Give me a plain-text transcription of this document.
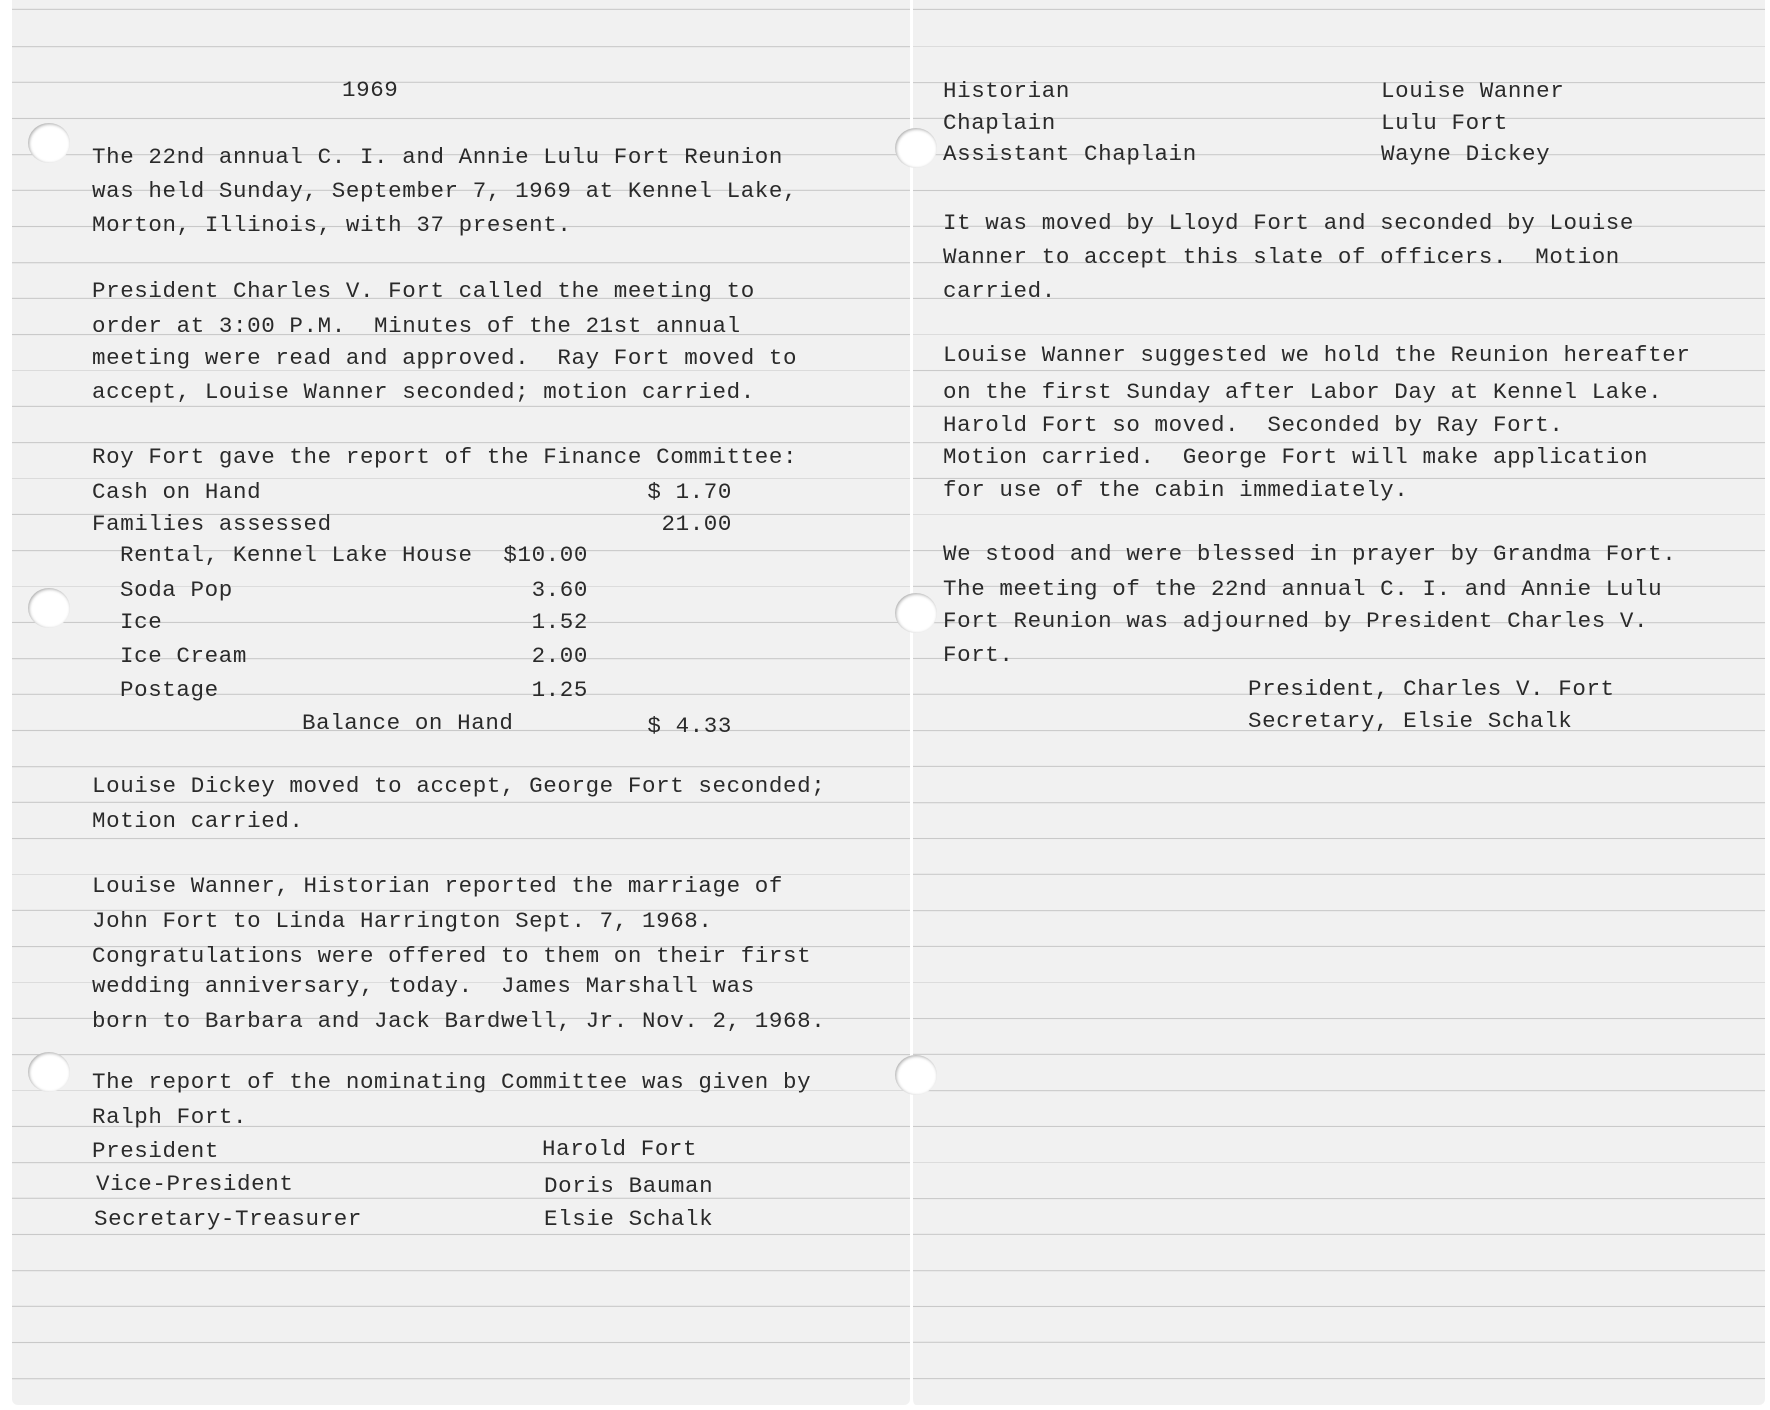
1969
The 22nd annual C. I. and Annie Lulu Fort Reunion
was held Sunday, September 7, 1969 at Kennel Lake,
Morton, Illinois, with 37 present.
President Charles V. Fort called the meeting to
order at 3:00 P.M.  Minutes of the 21st annual
meeting were read and approved.  Ray Fort moved to
accept, Louise Wanner seconded; motion carried.
Roy Fort gave the report of the Finance Committee:
Cash on Hand	$ 1.70
Families assessed	21.00
Rental, Kennel Lake House	$10.00
Soda Pop	3.60
Ice	1.52
Ice Cream	2.00
Postage	1.25
Balance on Hand	$ 4.33
Louise Dickey moved to accept, George Fort seconded;
Motion carried.
Louise Wanner, Historian reported the marriage of
John Fort to Linda Harrington Sept. 7, 1968.
Congratulations were offered to them on their first
wedding anniversary, today.  James Marshall was
born to Barbara and Jack Bardwell, Jr. Nov. 2, 1968.
The report of the nominating Committee was given by
Ralph Fort.
President	Harold Fort
Vice-President	Doris Bauman
Secretary-Treasurer	Elsie Schalk
Historian	Louise Wanner
Chaplain	Lulu Fort
Assistant Chaplain	Wayne Dickey
It was moved by Lloyd Fort and seconded by Louise
Wanner to accept this slate of officers.  Motion
carried.
Louise Wanner suggested we hold the Reunion hereafter
on the first Sunday after Labor Day at Kennel Lake.
Harold Fort so moved.  Seconded by Ray Fort.
Motion carried.  George Fort will make application
for use of the cabin immediately.
We stood and were blessed in prayer by Grandma Fort.
The meeting of the 22nd annual C. I. and Annie Lulu
Fort Reunion was adjourned by President Charles V.
Fort.
President, Charles V. Fort
Secretary, Elsie Schalk
